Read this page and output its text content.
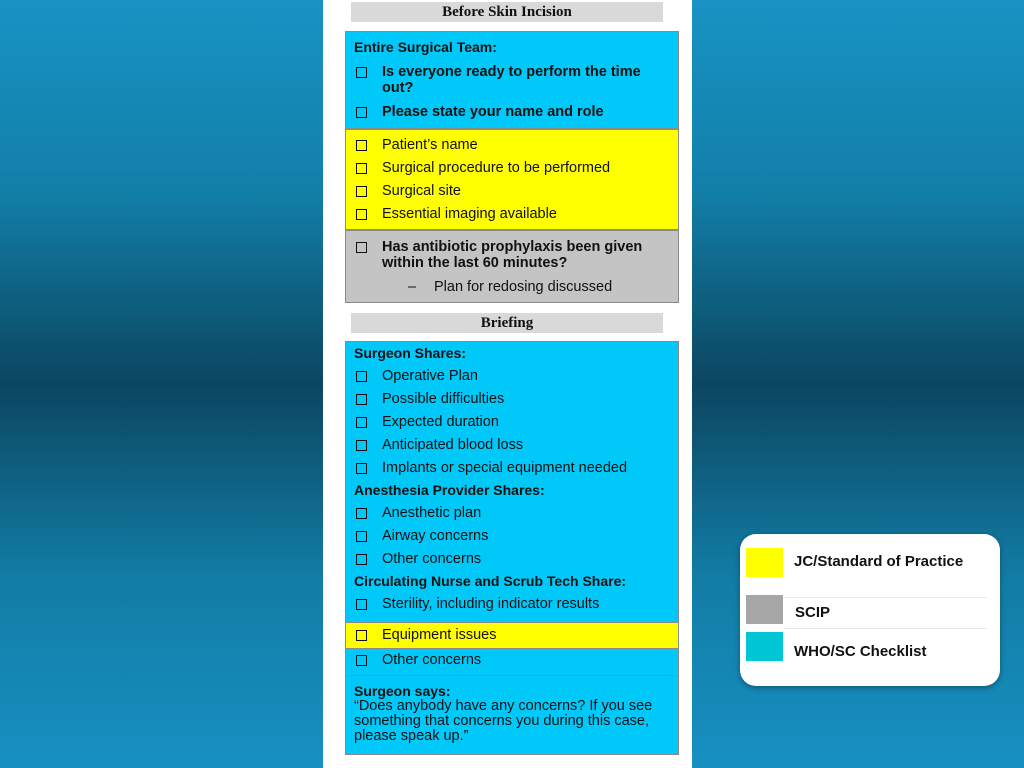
Before Skin Incision
Entire Surgical Team:
Is everyone ready to perform the time out?
Please state your name and role
Patient’s name
Surgical procedure to be performed
Surgical site
Essential imaging available
Has antibiotic prophylaxis been given within the last 60 minutes?
– Plan for redosing discussed
Briefing
Surgeon Shares:
Operative Plan
Possible difficulties
Expected duration
Anticipated blood loss
Implants or special equipment needed
Anesthesia Provider Shares:
Anesthetic plan
Airway concerns
Other concerns
Circulating Nurse and Scrub Tech Share:
Sterility, including indicator results
Equipment issues
Other concerns
Surgeon says:
“Does anybody have any concerns? If you see something that concerns you during this case, please speak up.”
JC/Standard of Practice
SCIP
WHO/SC Checklist
